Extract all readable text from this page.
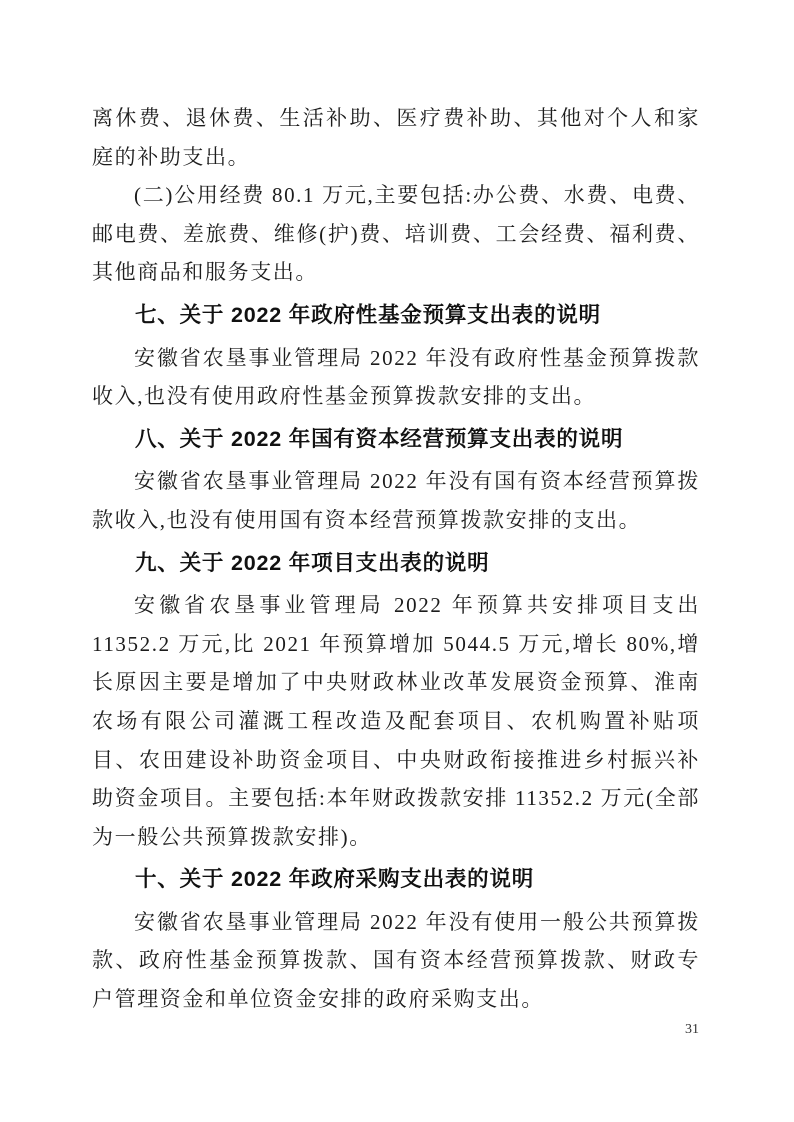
离休费、退休费、生活补助、医疗费补助、其他对个人和家庭的补助支出。

(二)公用经费 80.1 万元,主要包括:办公费、水费、电费、邮电费、差旅费、维修(护)费、培训费、工会经费、福利费、其他商品和服务支出。

七、关于 2022 年政府性基金预算支出表的说明

安徽省农垦事业管理局 2022 年没有政府性基金预算拨款收入,也没有使用政府性基金预算拨款安排的支出。

八、关于 2022 年国有资本经营预算支出表的说明

安徽省农垦事业管理局 2022 年没有国有资本经营预算拨款收入,也没有使用国有资本经营预算拨款安排的支出。

九、关于 2022 年项目支出表的说明

安徽省农垦事业管理局 2022 年预算共安排项目支出 11352.2 万元,比 2021 年预算增加 5044.5 万元,增长 80%,增长原因主要是增加了中央财政林业改革发展资金预算、淮南农场有限公司灌溉工程改造及配套项目、农机购置补贴项目、农田建设补助资金项目、中央财政衔接推进乡村振兴补助资金项目。主要包括:本年财政拨款安排 11352.2 万元(全部为一般公共预算拨款安排)。

十、关于 2022 年政府采购支出表的说明

安徽省农垦事业管理局 2022 年没有使用一般公共预算拨款、政府性基金预算拨款、国有资本经营预算拨款、财政专户管理资金和单位资金安排的政府采购支出。

31
